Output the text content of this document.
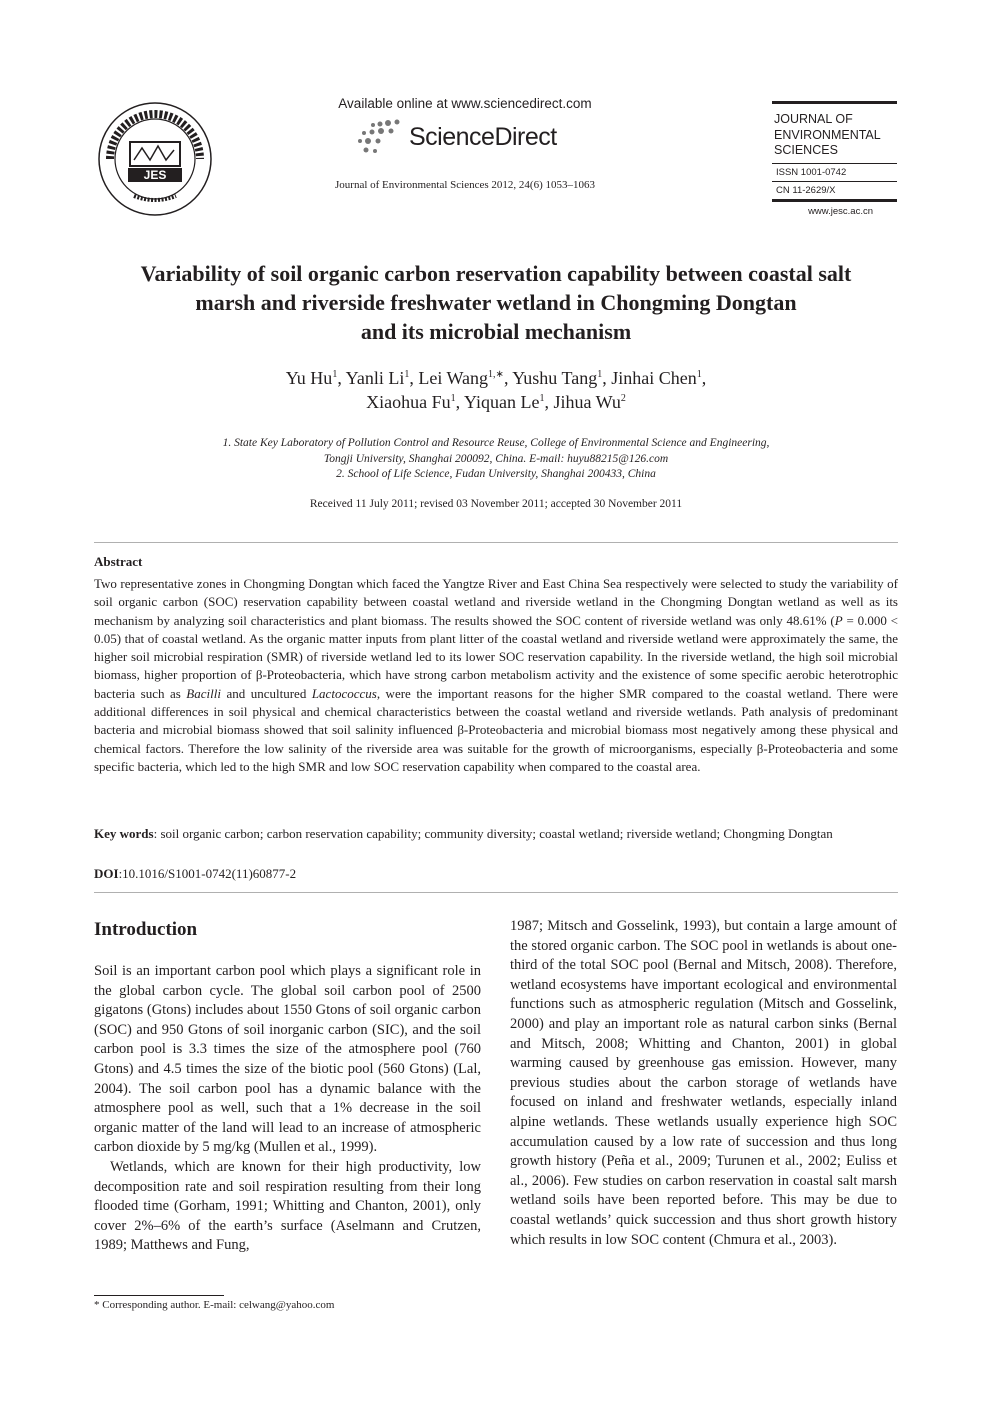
JES
Available online at www.sciencedirect.com
ScienceDirect
Journal of Environmental Sciences 2012, 24(6) 1053–1063
JOURNAL OF
ENVIRONMENTAL
SCIENCES
ISSN 1001-0742
CN 11-2629/X
www.jesc.ac.cn
Variability of soil organic carbon reservation capability between coastal salt
marsh and riverside freshwater wetland in Chongming Dongtan
and its microbial mechanism
Yu Hu$^1$, Yanli Li$^1$, Lei Wang$^{1,∗}$, Yushu Tang$^1$, Jinhai Chen$^1$,
Xiaohua Fu$^1$, Yiquan Le$^1$, Jihua Wu$^2$
1. State Key Laboratory of Pollution Control and Resource Reuse, College of Environmental Science and Engineering,
Tongji University, Shanghai 200092, China. E-mail: huyu88215@126.com
2. School of Life Science, Fudan University, Shanghai 200433, China
Received 11 July 2011; revised 03 November 2011; accepted 30 November 2011
Abstract
Two representative zones in Chongming Dongtan which faced the Yangtze River and East China Sea respectively were selected to study the variability of soil organic carbon (SOC) reservation capability between coastal wetland and riverside wetland in the Chongming Dongtan wetland as well as its mechanism by analyzing soil characteristics and plant biomass. The results showed the SOC content of riverside wetland was only 48.61% (P = 0.000 < 0.05) that of coastal wetland. As the organic matter inputs from plant litter of the coastal wetland and riverside wetland were approximately the same, the higher soil microbial respiration (SMR) of riverside wetland led to its lower SOC reservation capability. In the riverside wetland, the high soil microbial biomass, higher proportion of β-Proteobacteria, which have strong carbon metabolism activity and the existence of some specific aerobic heterotrophic bacteria such as Bacilli and uncultured Lactococcus, were the important reasons for the higher SMR compared to the coastal wetland. There were additional differences in soil physical and chemical characteristics between the coastal wetland and riverside wetlands. Path analysis of predominant bacteria and microbial biomass showed that soil salinity influenced β-Proteobacteria and microbial biomass most negatively among these physical and chemical factors. Therefore the low salinity of the riverside area was suitable for the growth of microorganisms, especially β-Proteobacteria and some specific bacteria, which led to the high SMR and low SOC reservation capability when compared to the coastal area.
Key words: soil organic carbon; carbon reservation capability; community diversity; coastal wetland; riverside wetland; Chongming Dongtan
DOI:10.1016/S1001-0742(11)60877-2
Introduction

Soil is an important carbon pool which plays a significant role in the global carbon cycle. The global soil carbon pool of 2500 gigatons (Gtons) includes about 1550 Gtons of soil organic carbon (SOC) and 950 Gtons of soil inorganic carbon (SIC), and the soil carbon pool is 3.3 times the size of the atmosphere pool (760 Gtons) and 4.5 times the size of the biotic pool (560 Gtons) (Lal, 2004). The soil carbon pool has a dynamic balance with the atmosphere pool as well, such that a 1% decrease in the soil organic matter of the land will lead to an increase of atmospheric carbon dioxide by 5 mg/kg (Mullen et al., 1999).

Wetlands, which are known for their high productivity, low decomposition rate and soil respiration resulting from their long flooded time (Gorham, 1991; Whitting and Chanton, 2001), only cover 2%–6% of the earth’s surface (Aselmann and Crutzen, 1989; Matthews and Fung,

1987; Mitsch and Gosselink, 1993), but contain a large amount of the stored organic carbon. The SOC pool in wetlands is about one-third of the total SOC pool (Bernal and Mitsch, 2008). Therefore, wetland ecosystems have important ecological and environmental functions such as atmospheric regulation (Mitsch and Gosselink, 2000) and play an important role as natural carbon sinks (Bernal and Mitsch, 2008; Whitting and Chanton, 2001) in global warming caused by greenhouse gas emission. However, many previous studies about the carbon storage of wetlands have focused on inland and freshwater wetlands, especially inland alpine wetlands. These wetlands usually experience high SOC accumulation caused by a low rate of succession and thus long growth history (Peña et al., 2009; Turunen et al., 2002; Euliss et al., 2006). Few studies on carbon reservation in coastal salt marsh wetland soils have been reported before. This may be due to coastal wetlands’ quick succession and thus short growth history which results in low SOC content (Chmura et al., 2003).

* Corresponding author. E-mail: celwang@yahoo.com
